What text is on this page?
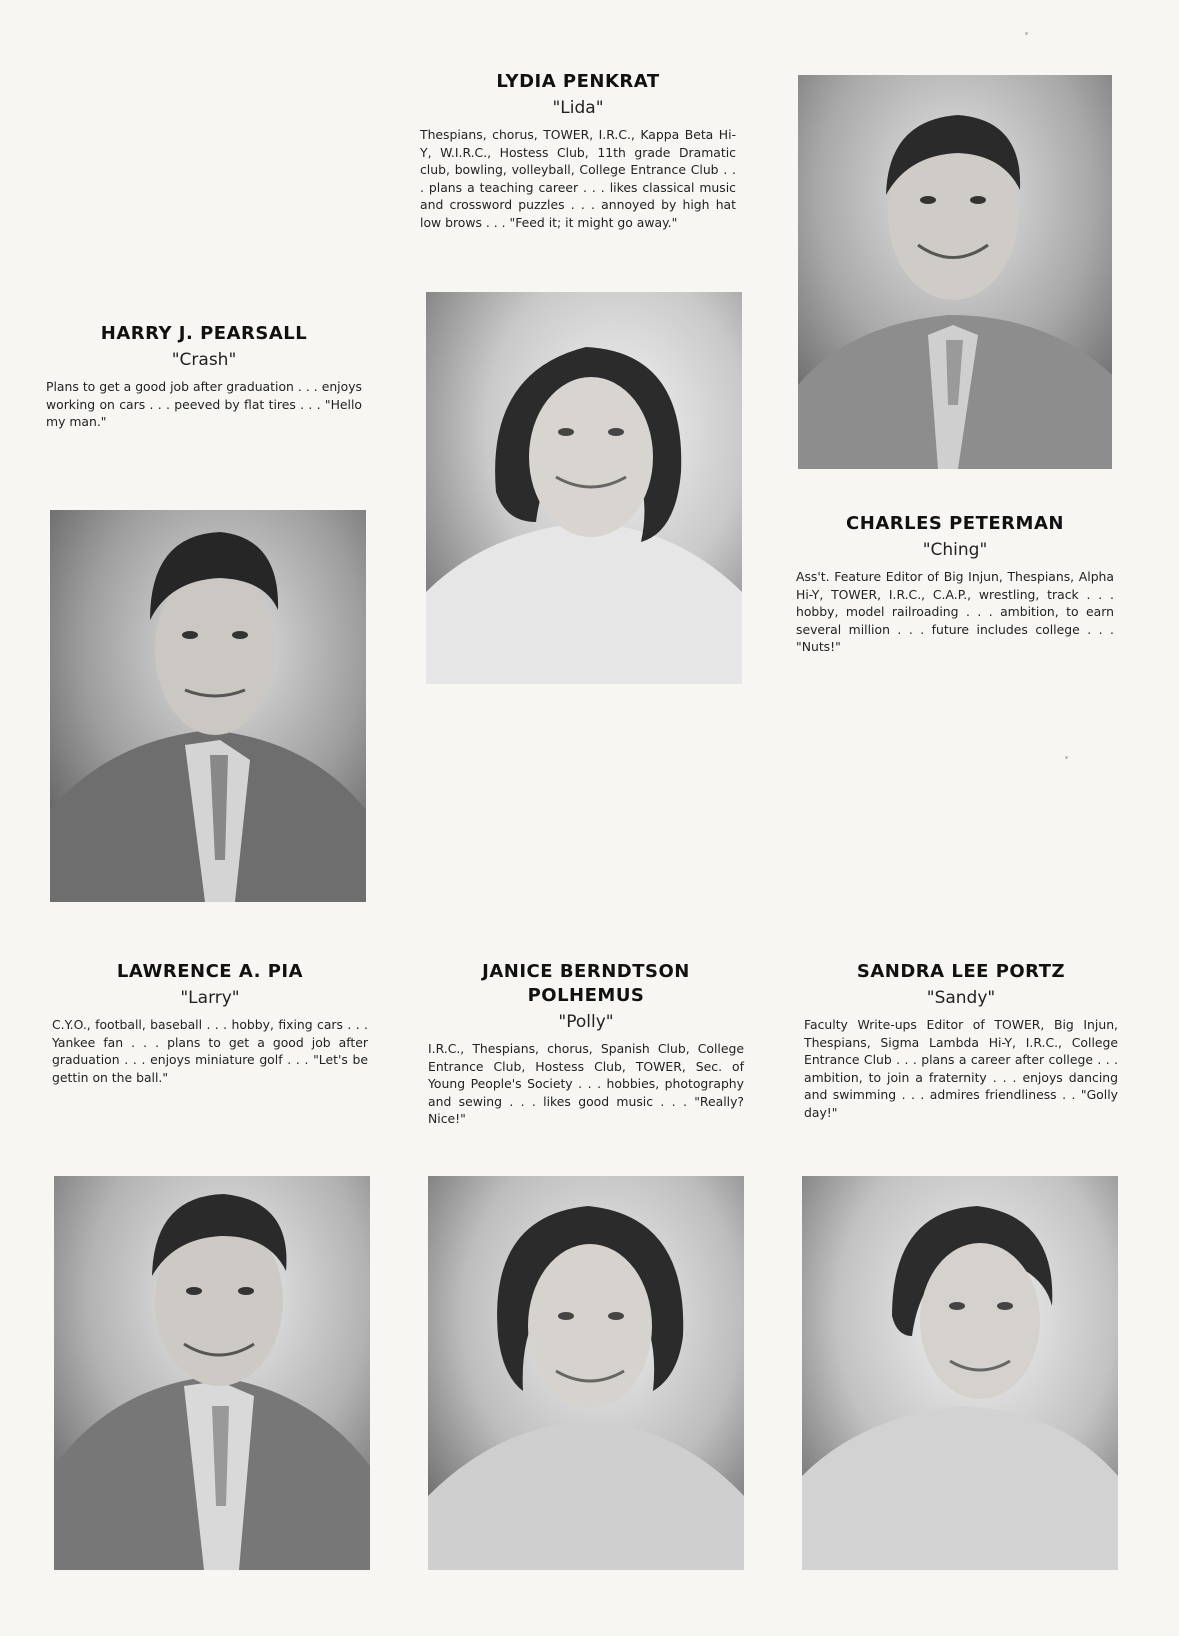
LYDIA PENKRAT
"Lida"
Thespians, chorus, TOWER, I.R.C., Kappa Beta Hi-Y, W.I.R.C., Hostess Club, 11th grade Dramatic club, bowling, volleyball, College Entrance Club . . . plans a teaching career . . . likes classical music and crossword puzzles . . . annoyed by high hat low brows . . . "Feed it; it might go away."
HARRY J. PEARSALL
"Crash"
Plans to get a good job after graduation . . . enjoys working on cars . . . peeved by flat tires . . . "Hello my man."
CHARLES PETERMAN
"Ching"
Ass't. Feature Editor of Big Injun, Thespians, Alpha Hi-Y, TOWER, I.R.C., C.A.P., wrestling, track . . . hobby, model railroading . . . ambition, to earn several million . . . future includes college . . . "Nuts!"
LAWRENCE A. PIA
"Larry"
C.Y.O., football, baseball . . . hobby, fixing cars . . . Yankee fan . . . plans to get a good job after graduation . . . enjoys miniature golf . . . "Let's be gettin on the ball."
JANICE BERNDTSON
POLHEMUS
"Polly"
I.R.C., Thespians, chorus, Spanish Club, College Entrance Club, Hostess Club, TOWER, Sec. of Young People's Society . . . hobbies, photography and sewing . . . likes good music . . . "Really? Nice!"
SANDRA LEE PORTZ
"Sandy"
Faculty Write-ups Editor of TOWER, Big Injun, Thespians, Sigma Lambda Hi-Y, I.R.C., College Entrance Club . . . plans a career after college . . . ambition, to join a fraternity . . . enjoys dancing and swimming . . . admires friendliness . . "Golly day!"
